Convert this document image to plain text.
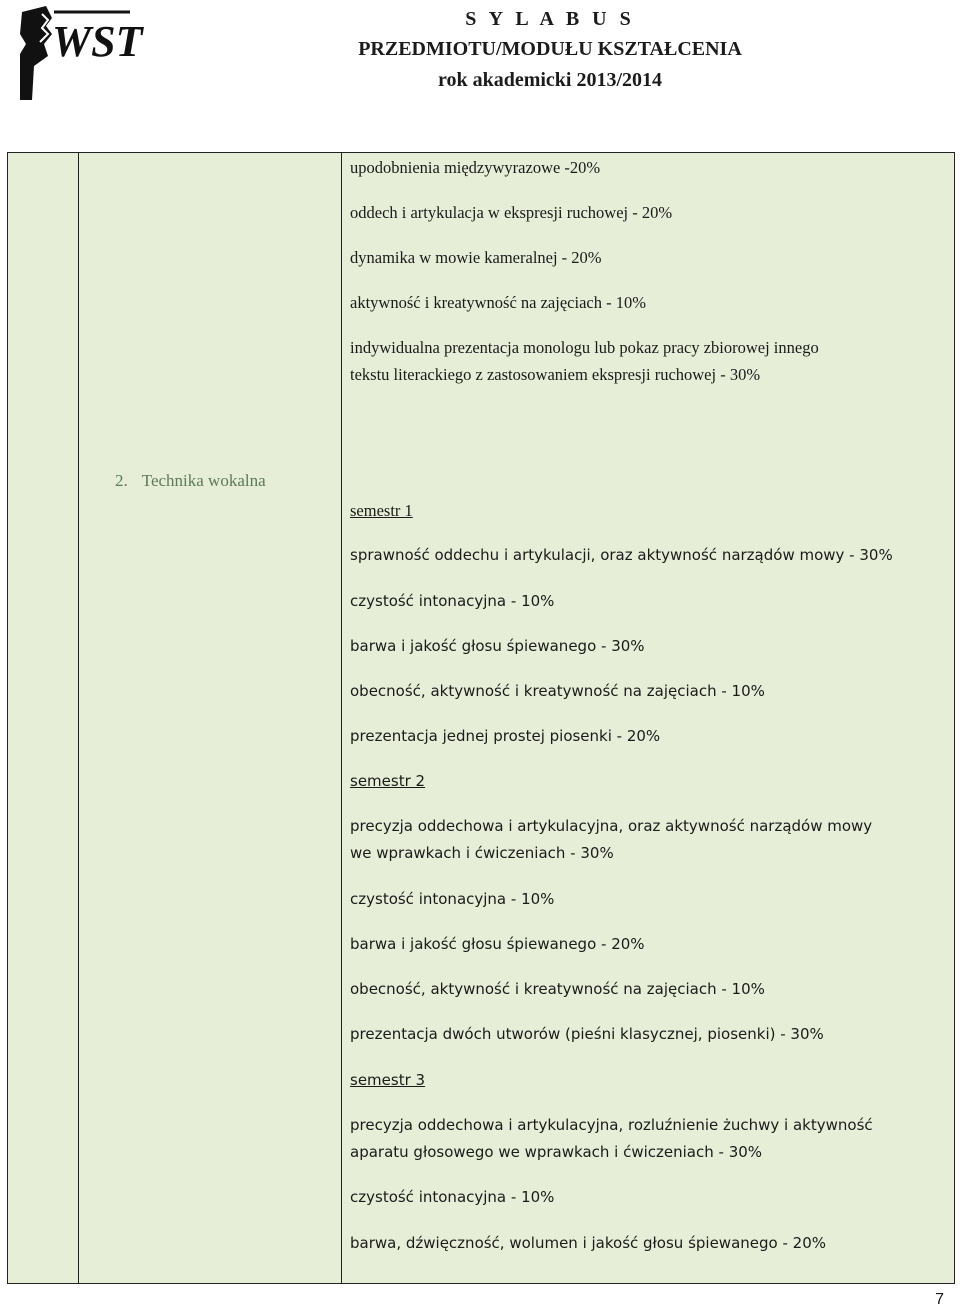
WST	S Y L A B U S
PRZEDMIOTU/MODUŁU KSZTAŁCENIA
rok akademicki 2013/2014
upodobnienia międzywyrazowe -20%
oddech i artykulacja w ekspresji ruchowej - 20%
dynamika w mowie kameralnej - 20%
aktywność i kreatywność na zajęciach - 10%
indywidualna prezentacja monologu lub pokaz pracy zbiorowej innego
tekstu literackiego z zastosowaniem ekspresji ruchowej - 30%
2. Technika wokalna
semestr 1
sprawność oddechu i artykulacji, oraz aktywność narządów mowy - 30%
czystość intonacyjna - 10%
barwa i jakość głosu śpiewanego - 30%
obecność, aktywność i kreatywność na zajęciach - 10%
prezentacja jednej prostej piosenki - 20%
semestr 2
precyzja oddechowa i artykulacyjna, oraz aktywność narządów mowy
we wprawkach i ćwiczeniach - 30%
czystość intonacyjna - 10%
barwa i jakość głosu śpiewanego - 20%
obecność, aktywność i kreatywność na zajęciach - 10%
prezentacja dwóch utworów (pieśni klasycznej, piosenki) - 30%
semestr 3
precyzja oddechowa i artykulacyjna, rozluźnienie żuchwy i aktywność
aparatu głosowego we wprawkach i ćwiczeniach - 30%
czystość intonacyjna - 10%
barwa, dźwięczność, wolumen i jakość głosu śpiewanego - 20%
7
